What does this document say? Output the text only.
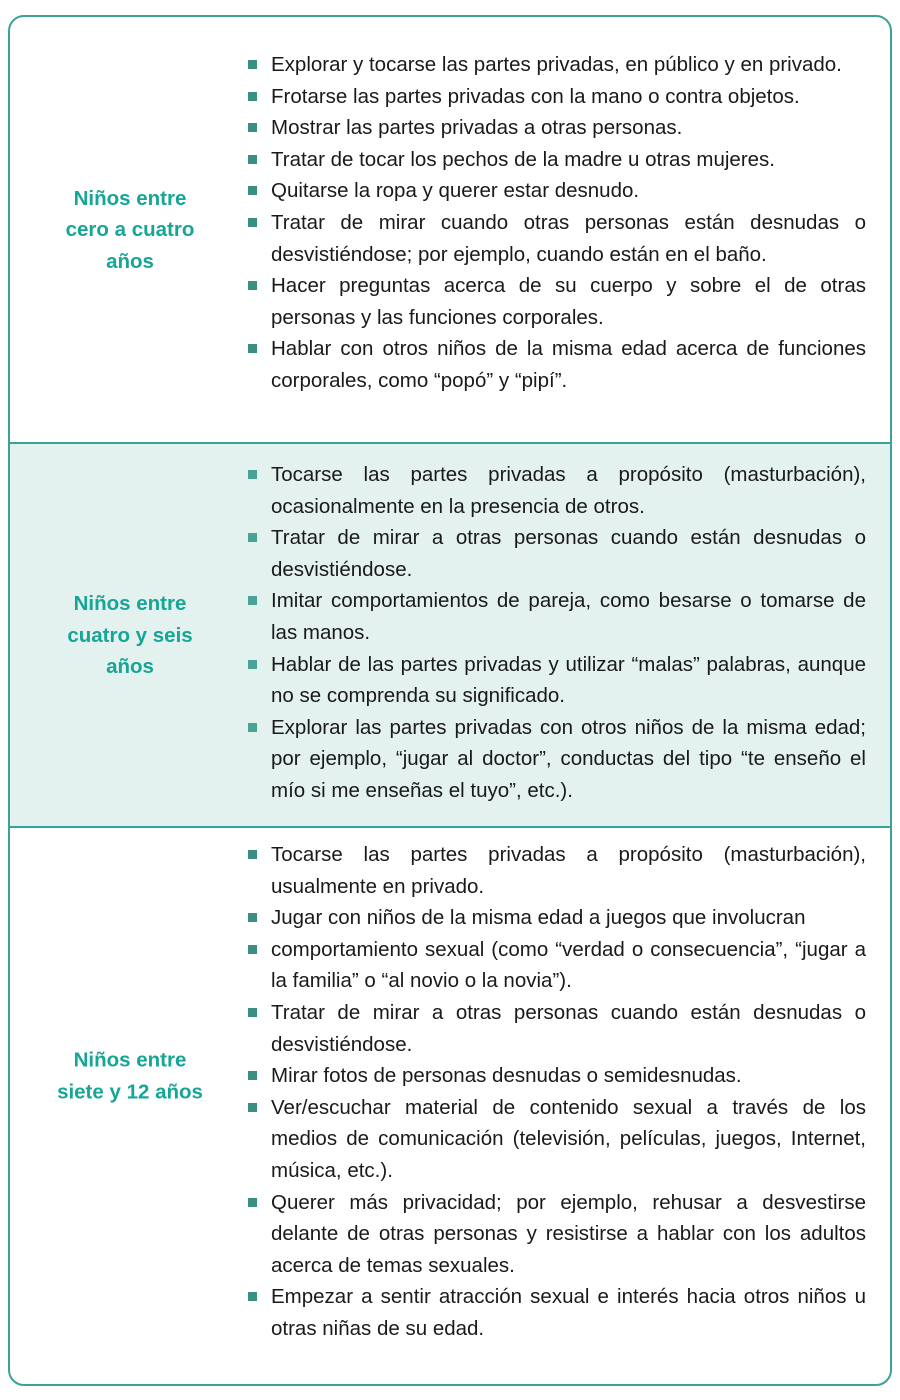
Niños entre
cero a cuatro
años
Explorar y tocarse las partes privadas, en público y en privado.
Frotarse las partes privadas con la mano o contra objetos.
Mostrar las partes privadas a otras personas.
Tratar de tocar los pechos de la madre u otras mujeres.
Quitarse la ropa y querer estar desnudo.
Tratar de mirar cuando otras personas están desnudas o desvistiéndose; por ejemplo, cuando están en el baño.
Hacer preguntas acerca de su cuerpo y sobre el de otras personas y las funciones corporales.
Hablar con otros niños de la misma edad acerca de funciones corporales, como “popó” y “pipí”.
Niños entre
cuatro y seis
años
Tocarse las partes privadas a propósito (masturbación), ocasionalmente en la presencia de otros.
Tratar de mirar a otras personas cuando están desnudas o desvistiéndose.
Imitar comportamientos de pareja, como besarse o tomarse de las manos.
Hablar de las partes privadas y utilizar “malas” palabras, aunque no se comprenda su significado.
Explorar las partes privadas con otros niños de la misma edad; por ejemplo, “jugar al doctor”, conductas del tipo “te enseño el mío si me enseñas el tuyo”, etc.).
Niños entre
siete y 12 años
Tocarse las partes privadas a propósito (masturbación), usualmente en privado.
Jugar con niños de la misma edad a juegos que involucran
comportamiento sexual (como “verdad o consecuencia”, “jugar a la familia” o “al novio o la novia”).
Tratar de mirar a otras personas cuando están desnudas o desvistiéndose.
Mirar fotos de personas desnudas o semidesnudas.
Ver/escuchar material de contenido sexual a través de los medios de comunicación (televisión, películas, juegos, Internet, música, etc.).
Querer más privacidad; por ejemplo, rehusar a desvestirse delante de otras personas y resistirse a hablar con los adultos acerca de temas sexuales.
Empezar a sentir atracción sexual e interés hacia otros niños u otras niñas de su edad.
